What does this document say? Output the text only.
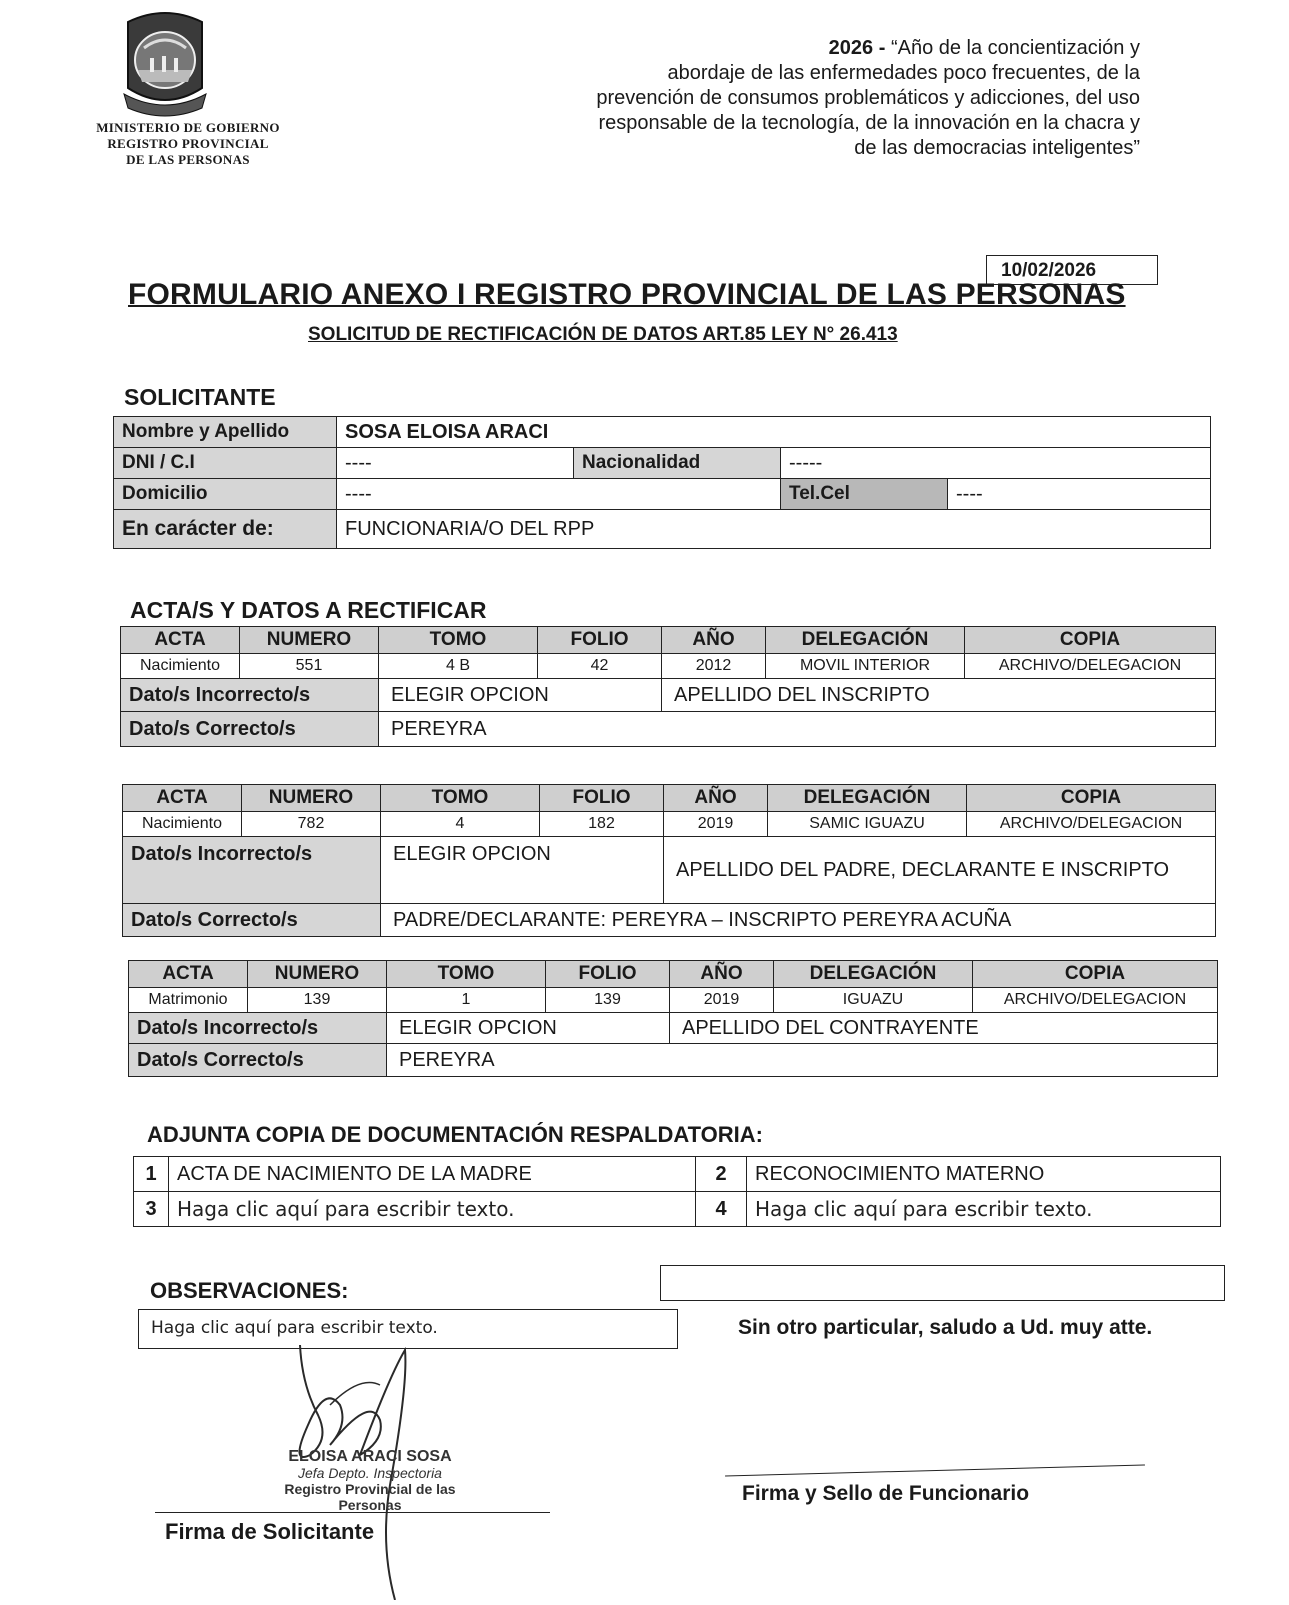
MINISTERIO DE GOBIERNO
REGISTRO PROVINCIAL
DE LAS PERSONAS
2026 - “Año de la concientización y
abordaje de las enfermedades poco frecuentes, de la
prevención de consumos problemáticos y adicciones, del uso
responsable de la tecnología, de la innovación en la chacra y
de las democracias inteligentes”
10/02/2026
FORMULARIO ANEXO I REGISTRO PROVINCIAL DE LAS PERSONAS
SOLICITUD DE RECTIFICACIÓN DE DATOS ART.85 LEY N° 26.413
SOLICITANTE
Nombre y Apellido	SOSA ELOISA ARACI			
DNI / C.I	----	Nacionalidad	-----	
Domicilio	----		Tel.Cel	----
En carácter de:	FUNCIONARIA/O DEL RPP			
ACTA/S Y DATOS A RECTIFICAR
ACTA	NUMERO	TOMO	FOLIO	AÑO	DELEGACIÓN	COPIA
Nacimiento	551	4 B	42	2012	MOVIL INTERIOR	ARCHIVO/DELEGACION
Dato/s Incorrecto/s		ELEGIR OPCION		APELLIDO DEL INSCRIPTO		
Dato/s Correcto/s		PEREYRA				
ACTA	NUMERO	TOMO	FOLIO	AÑO	DELEGACIÓN	COPIA
Nacimiento	782	4	182	2019	SAMIC IGUAZU	ARCHIVO/DELEGACION
Dato/s Incorrecto/s		ELEGIR OPCION		APELLIDO DEL PADRE, DECLARANTE E INSCRIPTO		
Dato/s Correcto/s		PADRE/DECLARANTE: PEREYRA – INSCRIPTO PEREYRA ACUÑA				
ACTA	NUMERO	TOMO	FOLIO	AÑO	DELEGACIÓN	COPIA
Matrimonio	139	1	139	2019	IGUAZU	ARCHIVO/DELEGACION
Dato/s Incorrecto/s		ELEGIR OPCION		APELLIDO DEL CONTRAYENTE		
Dato/s Correcto/s		PEREYRA				
ADJUNTA COPIA DE DOCUMENTACIÓN RESPALDATORIA:
1	ACTA DE NACIMIENTO DE LA MADRE	2	RECONOCIMIENTO MATERNO
3	Haga clic aquí para escribir texto.	4	Haga clic aquí para escribir texto.
OBSERVACIONES:
Haga clic aquí para escribir texto.	Sin otro particular, saludo a Ud. muy atte.
ELOISA ARACI SOSA
Jefa Depto. Inspectoria
Registro Provincial de las Personas
Firma de Solicitante
Firma y Sello de Funcionario
